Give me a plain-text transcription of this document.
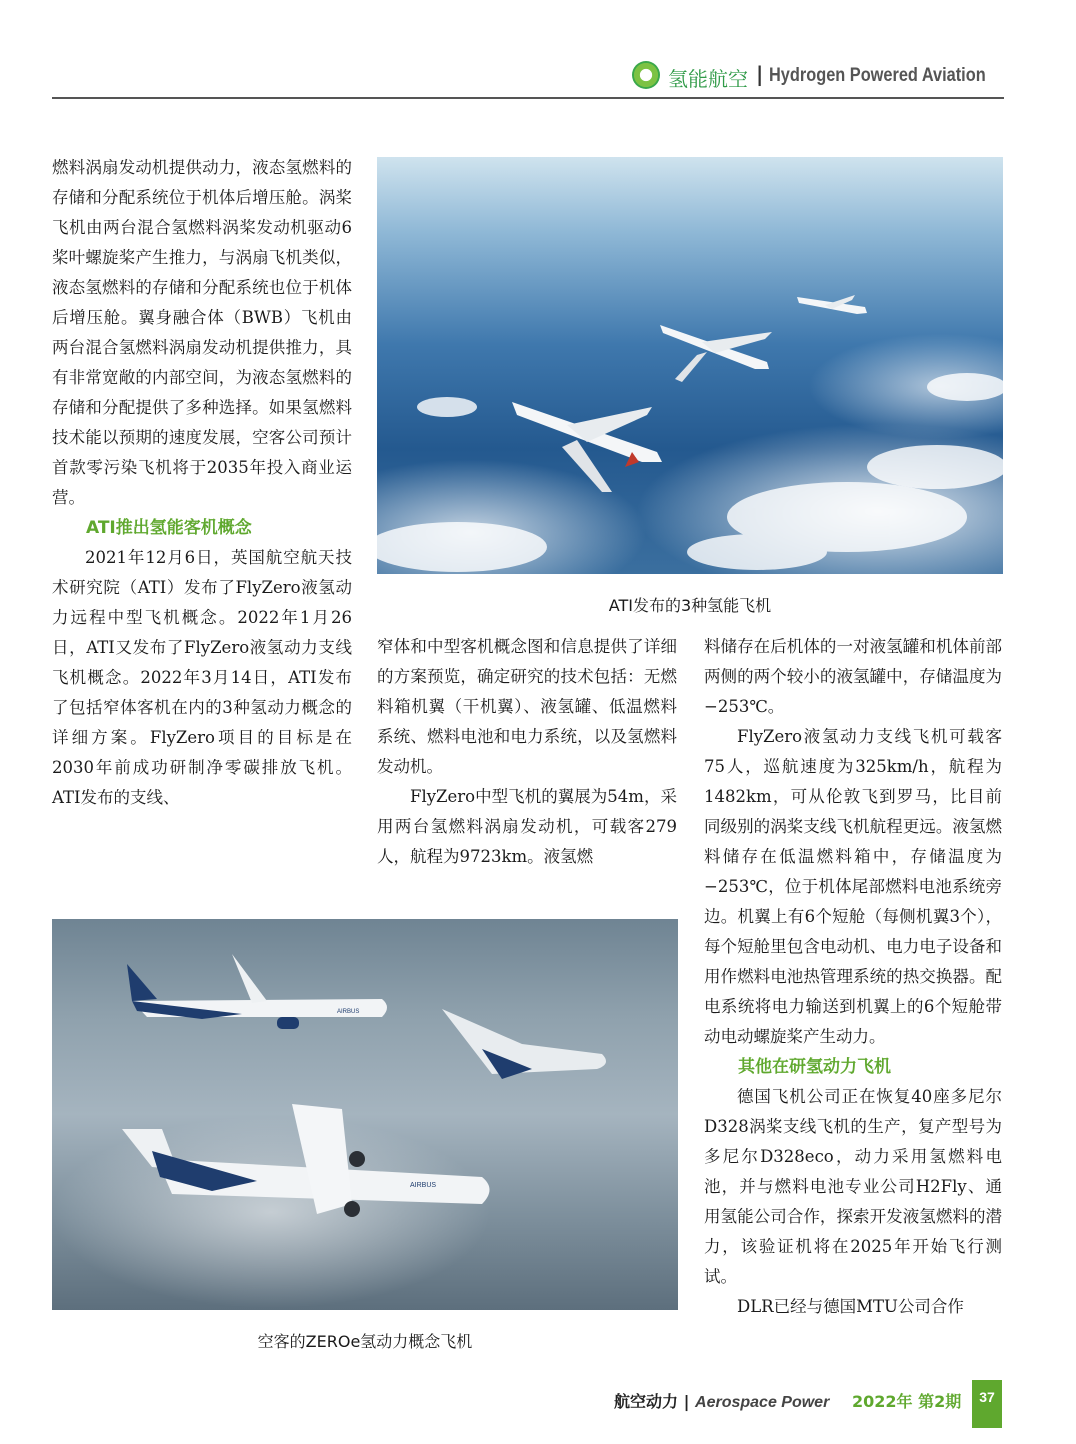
氢能航空 | Hydrogen Powered Aviation

燃料涡扇发动机提供动力，液态氢燃料的存储和分配系统位于机体后增压舱。涡桨飞机由两台混合氢燃料涡桨发动机驱动6桨叶螺旋桨产生推力，与涡扇飞机类似，液态氢燃料的存储和分配系统也位于机体后增压舱。翼身融合体（BWB）飞机由两台混合氢燃料涡扇发动机提供推力，具有非常宽敞的内部空间，为液态氢燃料的存储和分配提供了多种选择。如果氢燃料技术能以预期的速度发展，空客公司预计首款零污染飞机将于2035年投入商业运营。

ATI推出氢能客机概念

2021年12月6日，英国航空航天技术研究院（ATI）发布了FlyZero液氢动力远程中型飞机概念。2022年1月26日，ATI又发布了FlyZero液氢动力支线飞机概念。2022年3月14日，ATI发布了包括窄体客机在内的3种氢动力概念的详细方案。FlyZero项目的目标是在2030年前成功研制净零碳排放飞机。ATI发布的支线、

ATI发布的3种氢能飞机

窄体和中型客机概念图和信息提供了详细的方案预览，确定研究的技术包括：无燃料箱机翼（干机翼）、液氢罐、低温燃料系统、燃料电池和电力系统，以及氢燃料发动机。

FlyZero中型飞机的翼展为54m，采用两台氢燃料涡扇发动机，可载客279人，航程为9723km。液氢燃

料储存在后机体的一对液氢罐和机体前部两侧的两个较小的液氢罐中，存储温度为−253℃。

FlyZero液氢动力支线飞机可载客75人，巡航速度为325km/h，航程为1482km，可从伦敦飞到罗马，比目前同级别的涡桨支线飞机航程更远。液氢燃料储存在低温燃料箱中，存储温度为−253℃，位于机体尾部燃料电池系统旁边。机翼上有6个短舱（每侧机翼3个），每个短舱里包含电动机、电力电子设备和用作燃料电池热管理系统的热交换器。配电系统将电力输送到机翼上的6个短舱带动电动螺旋桨产生动力。

其他在研氢动力飞机

德国飞机公司正在恢复40座多尼尔D328涡桨支线飞机的生产，复产型号为多尼尔D328eco，动力采用氢燃料电池，并与燃料电池专业公司H2Fly、通用氢能公司合作，探索开发液氢燃料的潜力，该验证机将在2025年开始飞行测试。

DLR已经与德国MTU公司合作

AIRBUS
AIRBUS
空客的ZEROe氢动力概念飞机
航空动力 | Aerospace Power 2022年 第2期	37
